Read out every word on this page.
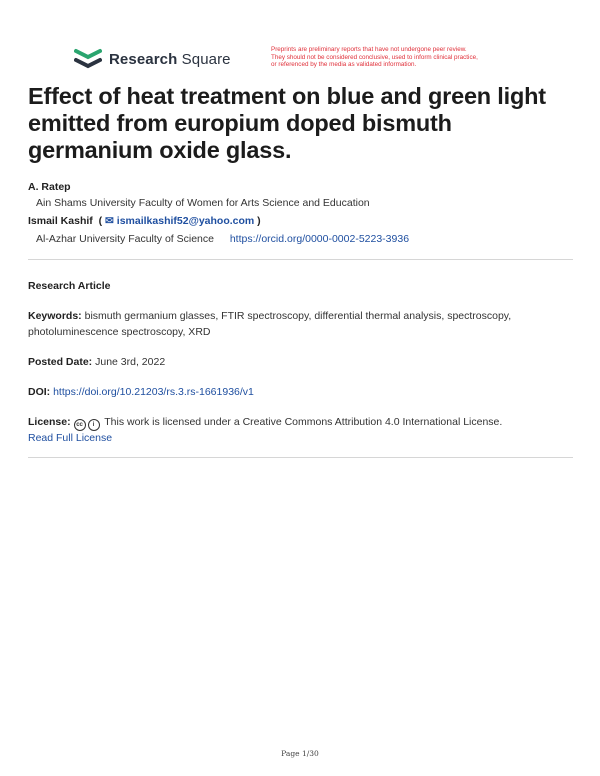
Research Square
Preprints are preliminary reports that have not undergone peer review.
They should not be considered conclusive, used to inform clinical practice,
or referenced by the media as validated information.
Effect of heat treatment on blue and green light emitted from europium doped bismuth germanium oxide glass.
A. Ratep
Ain Shams University Faculty of Women for Arts Science and Education
Ismail Kashif  ( ✉ ismailkashif52@yahoo.com )
Al-Azhar University Faculty of Science https://orcid.org/0000-0002-5223-3936
Research Article
Keywords: bismuth germanium glasses, FTIR spectroscopy, differential thermal analysis, spectroscopy, photoluminescence spectroscopy, XRD
Posted Date: June 3rd, 2022
DOI: https://doi.org/10.21203/rs.3.rs-1661936/v1
License: cc i This work is licensed under a Creative Commons Attribution 4.0 International License.
Read Full License
Page 1/30
